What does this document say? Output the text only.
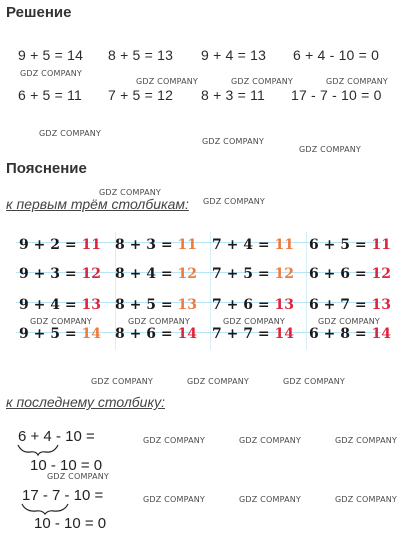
Решение
9 + 5 = 14 8 + 5 = 13 9 + 4 = 13 6 + 4 - 10 = 0
6 + 5 = 11 7 + 5 = 12 8 + 3 = 11 17 - 7 - 10 = 0
Пояснение
к первым трём столбикам:
9 + 2 = 11 8 + 3 = 11 7 + 4 = 11 6 + 5 = 11
9 + 3 = 12 8 + 4 = 12 7 + 5 = 12 6 + 6 = 12
9 + 4 = 13 8 + 5 = 13 7 + 6 = 13 6 + 7 = 13
9 + 5 = 14 8 + 6 = 14 7 + 7 = 14 6 + 8 = 14
к последнему столбику:
6 + 4 - 10 =
10 - 10 = 0
17 - 7 - 10 =
10 - 10 = 0
GDZ COMPANY
GDZ COMPANY	GDZ COMPANY	GDZ COMPANY
GDZ COMPANY
GDZ COMPANY
GDZ COMPANY
GDZ COMPANY
GDZ COMPANY
GDZ COMPANY	GDZ COMPANY	GDZ COMPANY	GDZ COMPANY
GDZ COMPANY	GDZ COMPANY	GDZ COMPANY
GDZ COMPANY	GDZ COMPANY	GDZ COMPANY
GDZ COMPANY
GDZ COMPANY	GDZ COMPANY	GDZ COMPANY
